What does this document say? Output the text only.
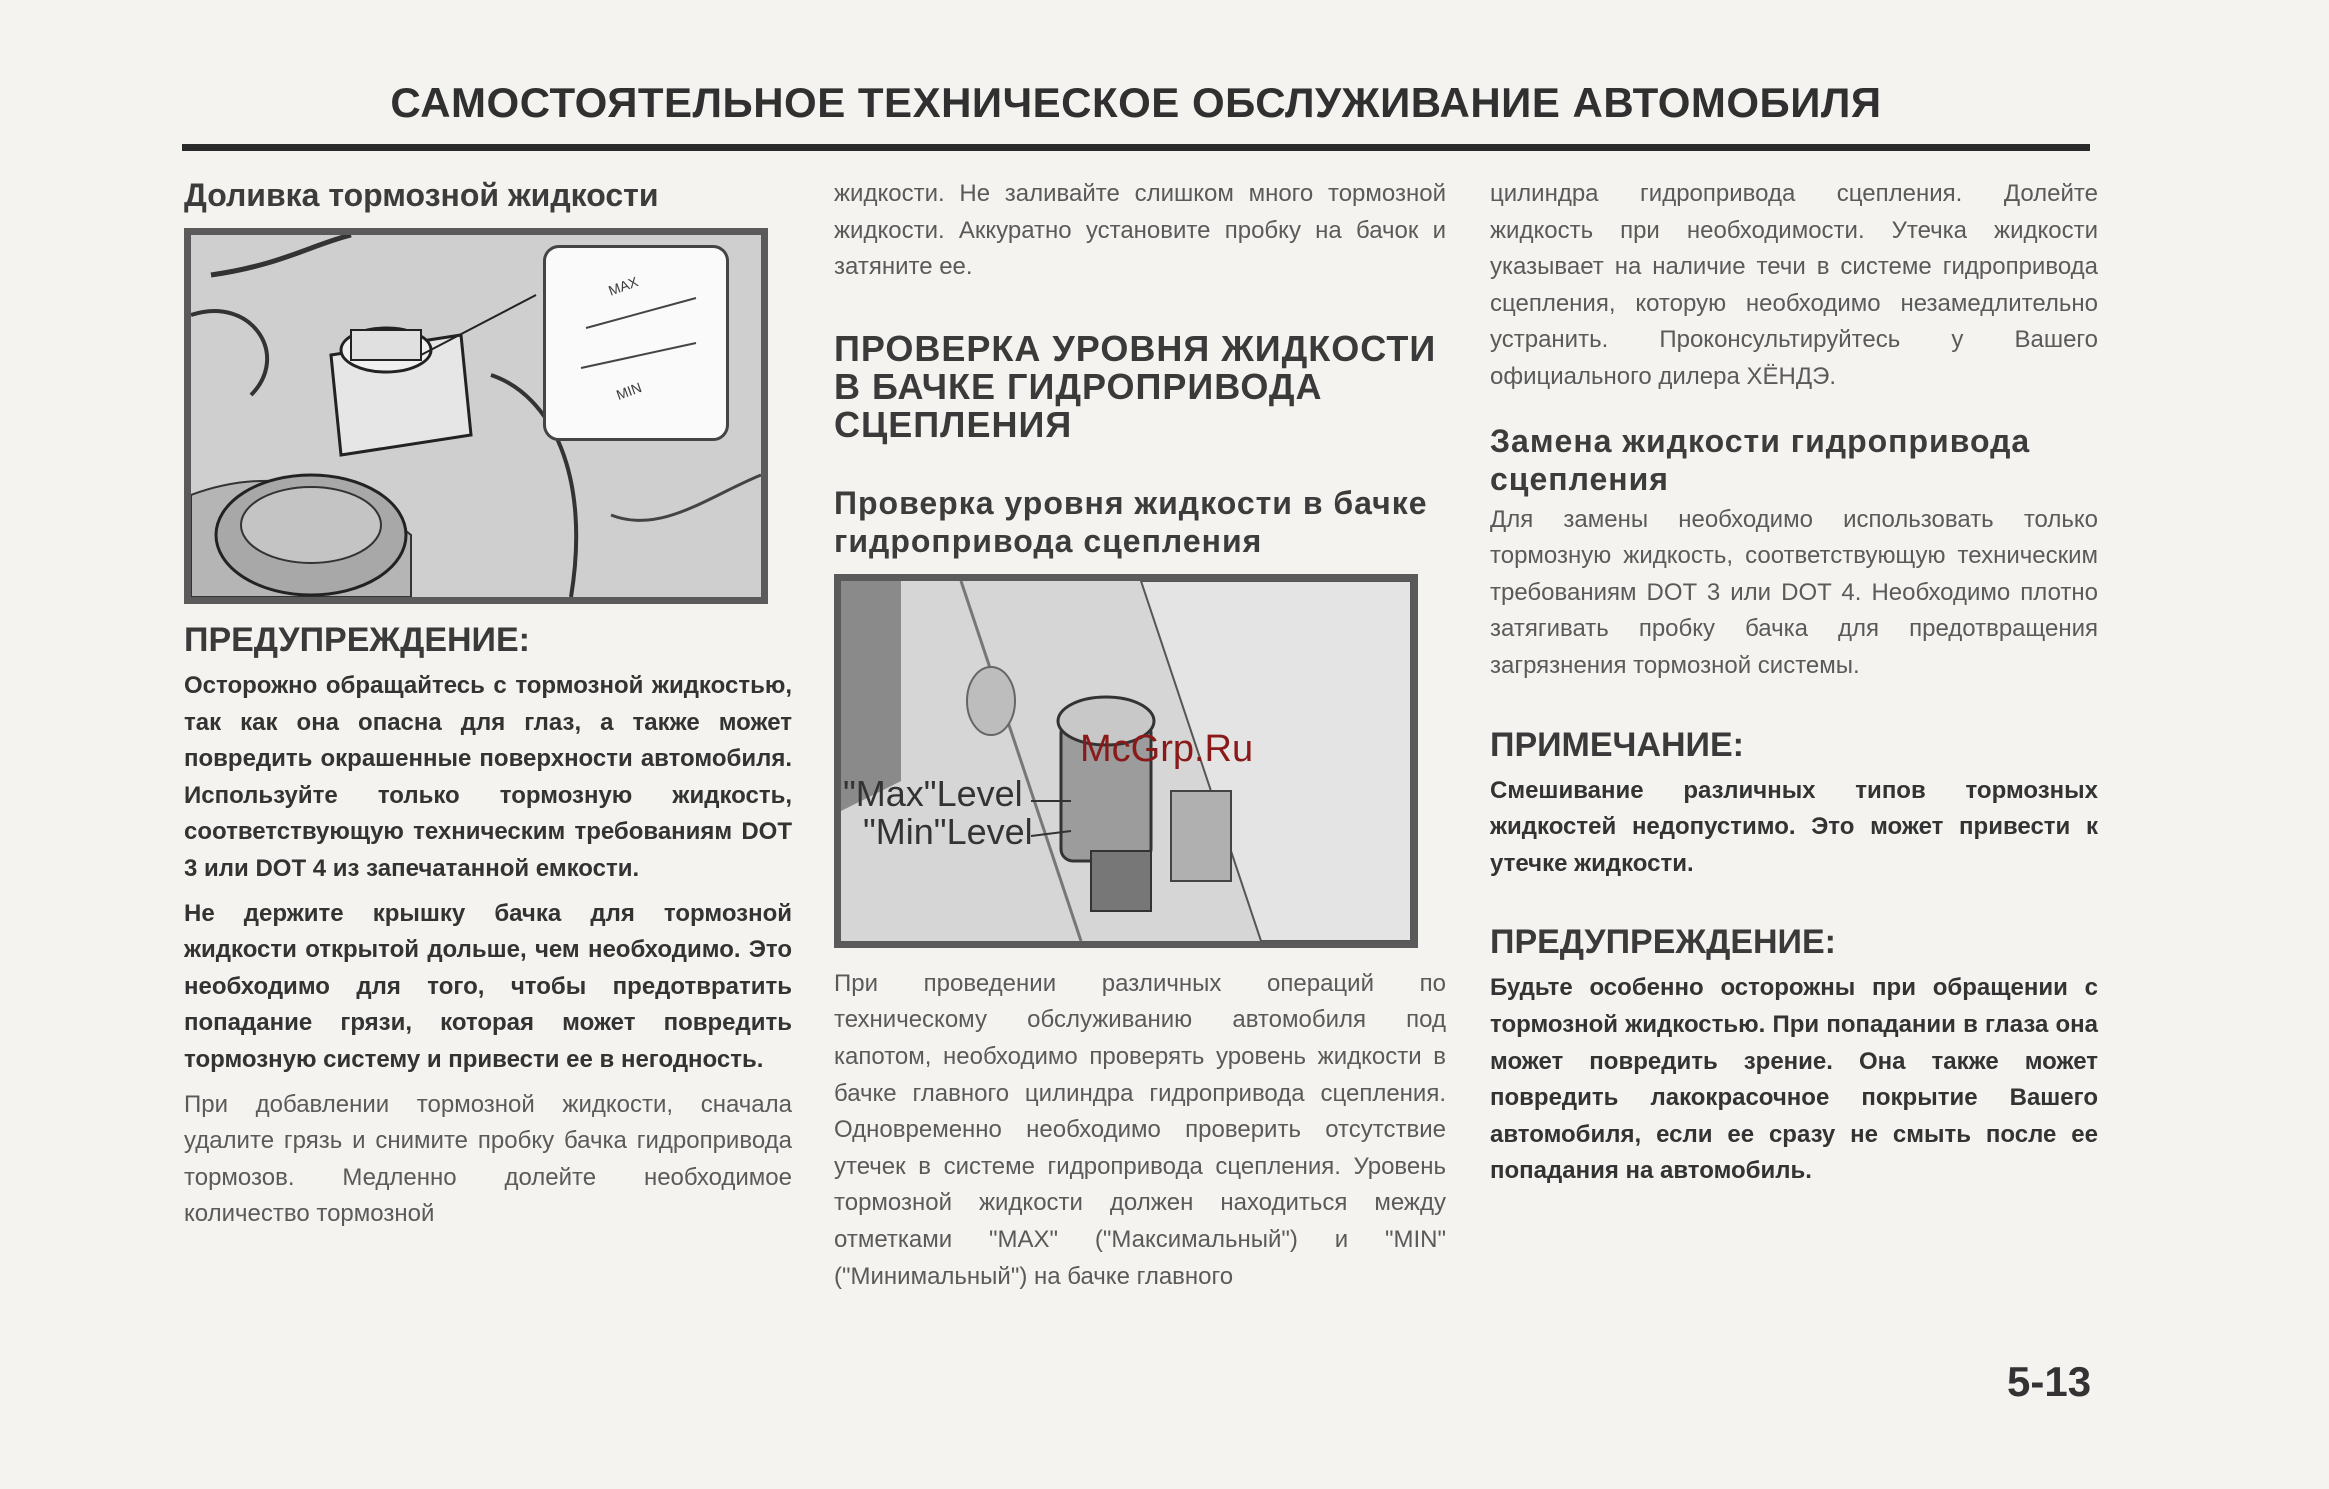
САМОСТОЯТЕЛЬНОЕ ТЕХНИЧЕСКОЕ ОБСЛУЖИВАНИЕ АВТОМОБИЛЯ
Доливка тормозной жидкости
MAX
MIN
ПРЕДУПРЕЖДЕНИЕ:

Осторожно обращайтесь с тормозной жидкостью, так как она опасна для глаз, а также может повредить окрашенные поверхности автомобиля. Используйте только тормозную жидкость, соответствующую техническим требованиям DOT 3 или DOT 4 из запечатанной емкости.

Не держите крышку бачка для тормозной жидкости открытой дольше, чем необходимо. Это необходимо для того, чтобы предотвратить попадание грязи, которая может повредить тормозную систему и привести ее в негодность.

При добавлении тормозной жидкости, сначала удалите грязь и снимите пробку бачка гидропривода тормозов. Медленно долейте необходимое количество тормозной

жидкости. Не заливайте слишком много тормозной жидкости. Аккуратно установите пробку на бачок и затяните ее.

ПРОВЕРКА УРОВНЯ ЖИДКОСТИ В БАЧКЕ ГИДРОПРИВОДА СЦЕПЛЕНИЯ
Проверка уровня жидкости в бачке гидропривода сцепления
"Max"Level
"Min"Level

При проведении различных операций по техническому обслуживанию автомобиля под капотом, необходимо проверять уровень жидкости в бачке главного цилиндра гидропривода сцепления. Одновременно необходимо проверить отсутствие утечек в системе гидропривода сцепления. Уровень тормозной жидкости должен находиться между отметками "MAX" ("Максимальный") и "MIN" ("Минимальный") на бачке главного

цилиндра гидропривода сцепления. Долейте жидкость при необходимости. Утечка жидкости указывает на наличие течи в системе гидропривода сцепления, которую необходимо незамедлительно устранить. Проконсультируйтесь у Вашего официального дилера ХЁНДЭ.

Замена жидкости гидропривода сцепления

Для замены необходимо использовать только тормозную жидкость, соответствующую техническим требованиям DOT 3 или DOT 4. Необходимо плотно затягивать пробку бачка для предотвращения загрязнения тормозной системы.

ПРИМЕЧАНИЕ:

Смешивание различных типов тормозных жидкостей недопустимо. Это может привести к утечке жидкости.

ПРЕДУПРЕЖДЕНИЕ:

Будьте особенно осторожны при обращении с тормозной жидкостью. При попадании в глаза она может повредить зрение. Она также может повредить лакокрасочное покрытие Вашего автомобиля, если ее сразу не смыть после ее попадания на автомобиль.

McGrp.Ru
5-13
